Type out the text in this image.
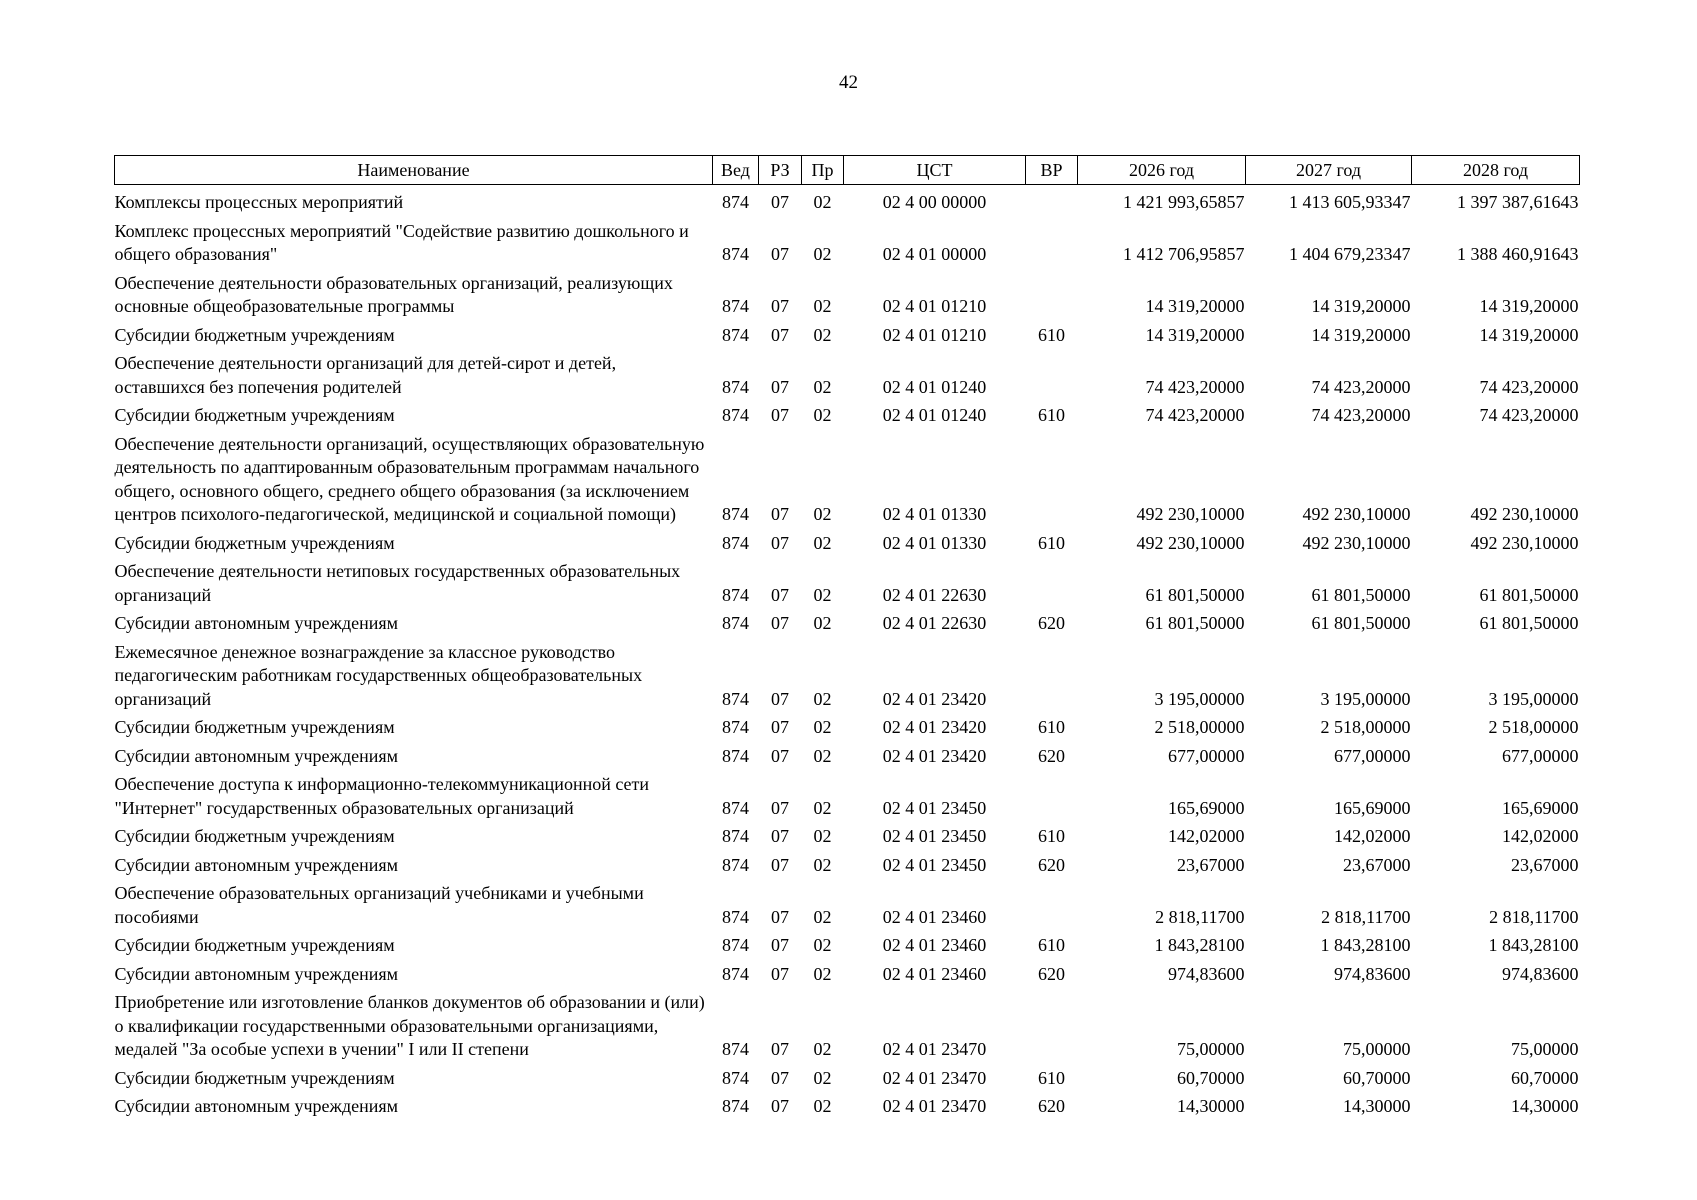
42
Наименование	Вед	РЗ	Пр	ЦСТ	ВР	2026 год	2027 год	2028 год
Комплексы процессных мероприятий	874	07	02	02 4 00 00000		1 421 993,65857	1 413 605,93347	1 397 387,61643
Комплекс процессных мероприятий "Содействие развитию дошкольного и общего образования"	874	07	02	02 4 01 00000		1 412 706,95857	1 404 679,23347	1 388 460,91643
Обеспечение деятельности образовательных организаций, реализующих основные общеобразовательные программы	874	07	02	02 4 01 01210		14 319,20000	14 319,20000	14 319,20000
Субсидии бюджетным учреждениям	874	07	02	02 4 01 01210	610	14 319,20000	14 319,20000	14 319,20000
Обеспечение деятельности организаций для детей-сирот и детей, оставшихся без попечения родителей	874	07	02	02 4 01 01240		74 423,20000	74 423,20000	74 423,20000
Субсидии бюджетным учреждениям	874	07	02	02 4 01 01240	610	74 423,20000	74 423,20000	74 423,20000
Обеспечение деятельности организаций, осуществляющих образовательную деятельность по адаптированным образовательным программам начального общего, основного общего, среднего общего образования (за исключением центров психолого-педагогической, медицинской и социальной помощи)	874	07	02	02 4 01 01330		492 230,10000	492 230,10000	492 230,10000
Субсидии бюджетным учреждениям	874	07	02	02 4 01 01330	610	492 230,10000	492 230,10000	492 230,10000
Обеспечение деятельности нетиповых государственных образовательных организаций	874	07	02	02 4 01 22630		61 801,50000	61 801,50000	61 801,50000
Субсидии автономным учреждениям	874	07	02	02 4 01 22630	620	61 801,50000	61 801,50000	61 801,50000
Ежемесячное денежное вознаграждение за классное руководство педагогическим работникам государственных общеобразовательных организаций	874	07	02	02 4 01 23420		3 195,00000	3 195,00000	3 195,00000
Субсидии бюджетным учреждениям	874	07	02	02 4 01 23420	610	2 518,00000	2 518,00000	2 518,00000
Субсидии автономным учреждениям	874	07	02	02 4 01 23420	620	677,00000	677,00000	677,00000
Обеспечение доступа к информационно-телекоммуникационной сети "Интернет" государственных образовательных организаций	874	07	02	02 4 01 23450		165,69000	165,69000	165,69000
Субсидии бюджетным учреждениям	874	07	02	02 4 01 23450	610	142,02000	142,02000	142,02000
Субсидии автономным учреждениям	874	07	02	02 4 01 23450	620	23,67000	23,67000	23,67000
Обеспечение образовательных организаций учебниками и учебными пособиями	874	07	02	02 4 01 23460		2 818,11700	2 818,11700	2 818,11700
Субсидии бюджетным учреждениям	874	07	02	02 4 01 23460	610	1 843,28100	1 843,28100	1 843,28100
Субсидии автономным учреждениям	874	07	02	02 4 01 23460	620	974,83600	974,83600	974,83600
Приобретение или изготовление бланков документов об образовании и (или) о квалификации государственными образовательными организациями, медалей "За особые успехи в учении" I или II степени	874	07	02	02 4 01 23470		75,00000	75,00000	75,00000
Субсидии бюджетным учреждениям	874	07	02	02 4 01 23470	610	60,70000	60,70000	60,70000
Субсидии автономным учреждениям	874	07	02	02 4 01 23470	620	14,30000	14,30000	14,30000
